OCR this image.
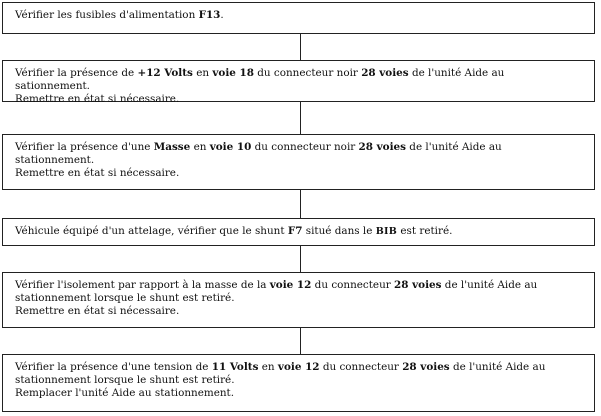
Vérifier les fusibles d'alimentation F13.

Vérifier la présence de +12 Volts en voie 18 du connecteur noir 28 voies de l'unité Aide au sationnement.

Remettre en état si nécessaire.

Vérifier la présence d'une Masse en voie 10 du connecteur noir 28 voies de l'unité Aide au stationnement.

Remettre en état si nécessaire.

Véhicule équipé d'un attelage, vérifier que le shunt F7 situé dans le BIB est retiré.

Vérifier l'isolement par rapport à la masse de la voie 12 du connecteur 28 voies de l'unité Aide au stationnement lorsque le shunt est retiré.

Remettre en état si nécessaire.

Vérifier la présence d'une tension de 11 Volts en voie 12 du connecteur 28 voies de l'unité Aide au stationnement lorsque le shunt est retiré.

Remplacer l'unité Aide au stationnement.
